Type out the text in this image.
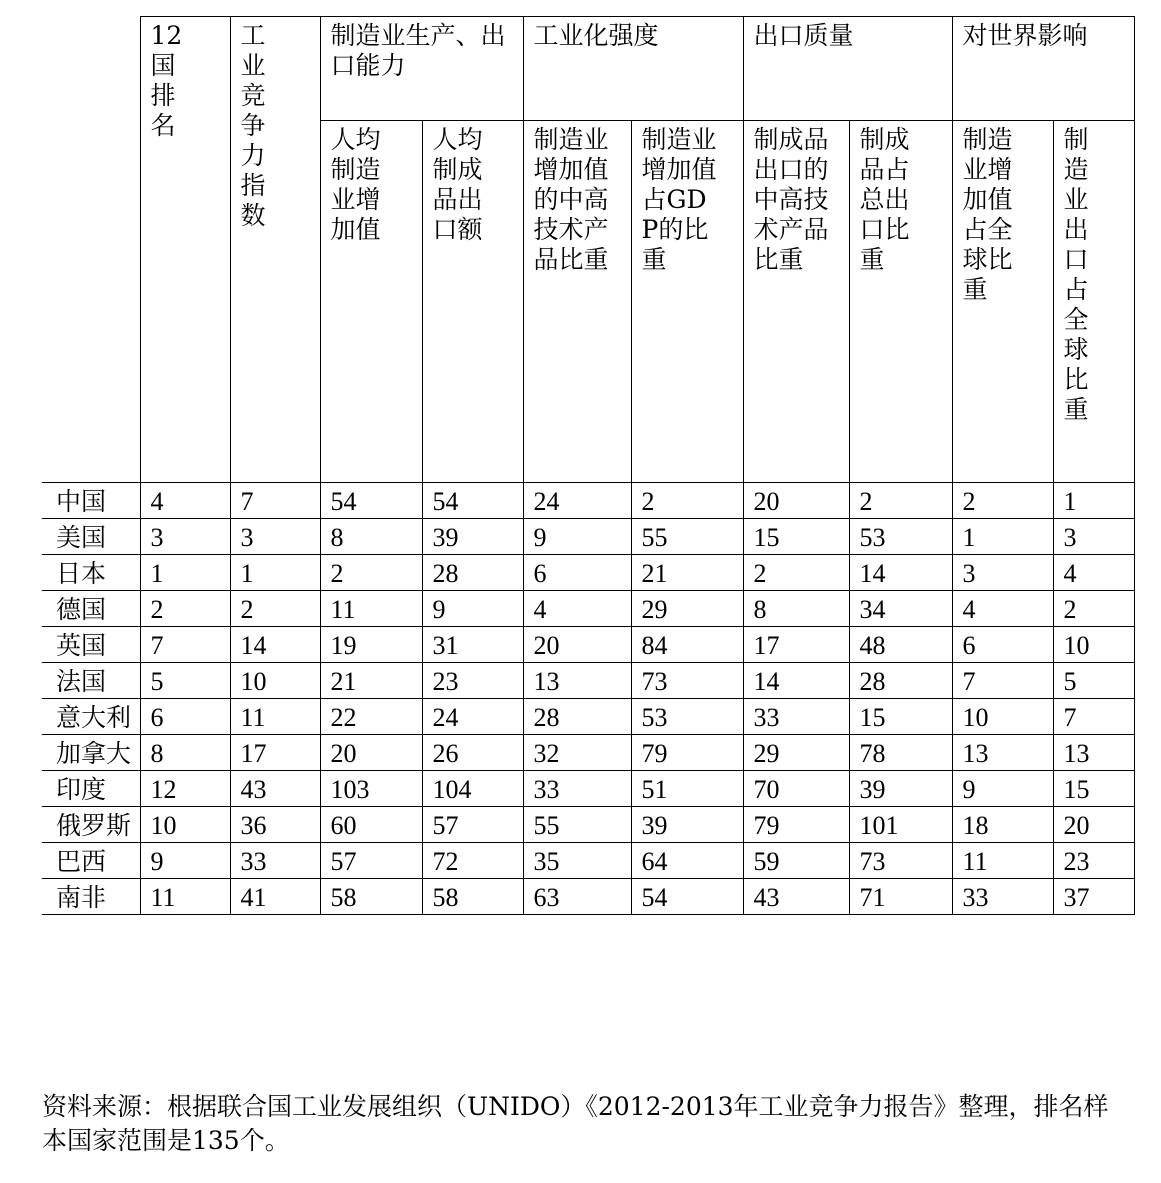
	12国排名	工业竞争力指数	制造业生产、出口能力		工业化强度		出口质量		对世界影响	
			人均制造业增加值	人均制成品出口额	制造业增加值的中高技术产品比重	制造业增加值占GDP的比重	制成品出口的中高技术产品比重	制成品占总出口比重	制造业增加值占全球比重	制造业出口占全球比重
中国	4	7	54	54	24	2	20	2	2	1
美国	3	3	8	39	9	55	15	53	1	3
日本	1	1	2	28	6	21	2	14	3	4
德国	2	2	11	9	4	29	8	34	4	2
英国	7	14	19	31	20	84	17	48	6	10
法国	5	10	21	23	13	73	14	28	7	5
意大利	6	11	22	24	28	53	33	15	10	7
加拿大	8	17	20	26	32	79	29	78	13	13
印度	12	43	103	104	33	51	70	39	9	15
俄罗斯	10	36	60	57	55	39	79	101	18	20
巴西	9	33	57	72	35	64	59	73	11	23
南非	11	41	58	58	63	54	43	71	33	37
资料来源：根据联合国工业发展组织（UNIDO）《2012-2013年工业竞争力报告》整理，排名样本国家范围是135个。
